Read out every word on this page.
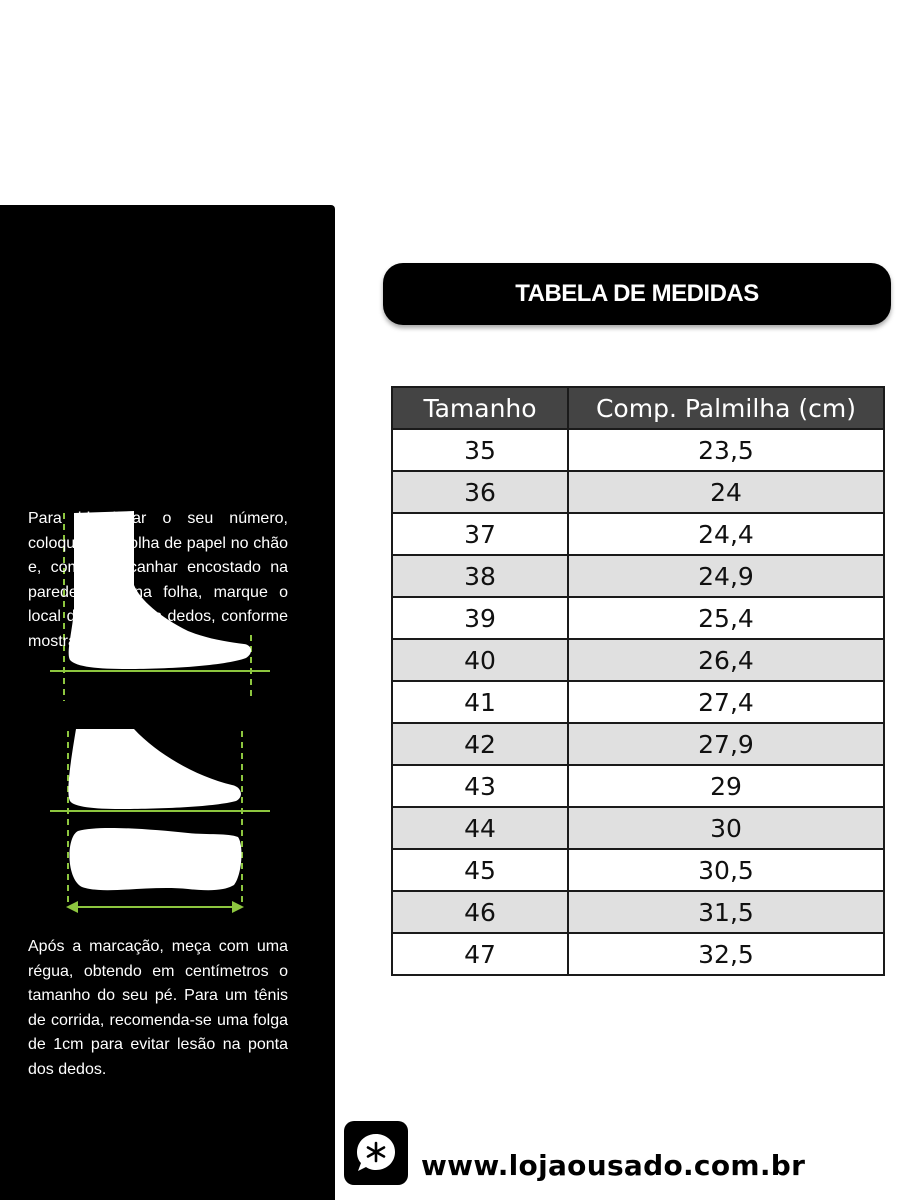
Para identificar o seu número, coloque uma folha de papel no chão e, com o calcanhar encostado na parede, pise na folha, marque o local da ponta dos dedos, conforme mostra a figura.

Após a marcação, meça com uma régua, obtendo em centímetros o tamanho do seu pé. Para um tênis de corrida, recomenda-se uma folga de 1cm para evitar lesão na ponta dos dedos.

TABELA DE MEDIDAS
Tamanho	Comp. Palmilha (cm)
35	23,5
36	24
37	24,4
38	24,9
39	25,4
40	26,4
41	27,4
42	27,9
43	29
44	30
45	30,5
46	31,5
47	32,5
www.lojaousado.com.br
